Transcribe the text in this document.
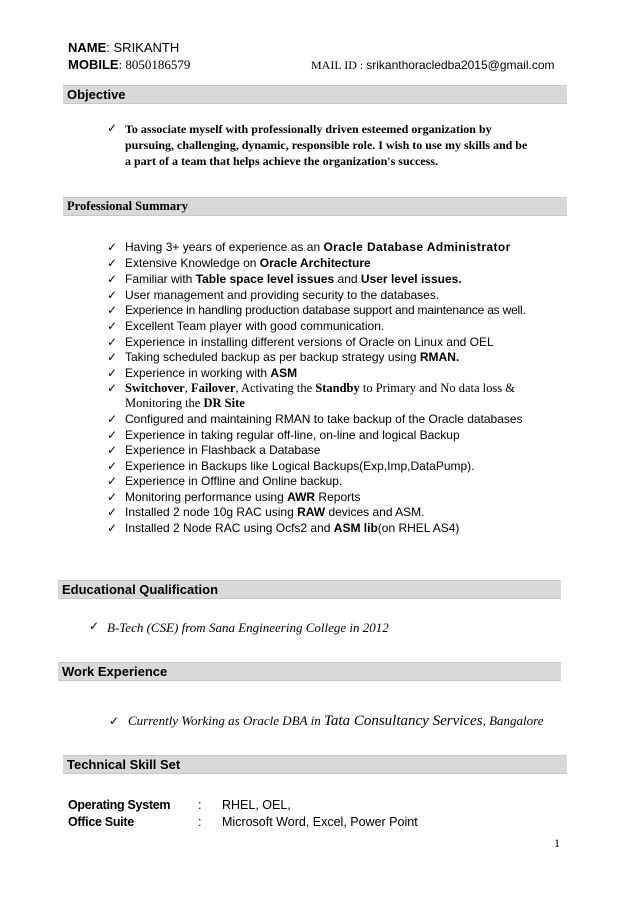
NAME: SRIKANTH
MOBILE: 8050186579	MAIL ID : srikanthoracledba2015@gmail.com
Objective
✓ To associate myself with professionally driven esteemed organization by
pursuing, challenging, dynamic, responsible role. I wish to use my skills and be
a part of a team that helps achieve the organization's success.
Professional Summary
✓ Having 3+ years of experience as an Oracle Database Administrator
✓ Extensive Knowledge on Oracle Architecture
✓ Familiar with Table space level issues and User level issues.
✓ User management and providing security to the databases.
✓ Experience in handling production database support and maintenance as well.
✓ Excellent Team player with good communication.
✓ Experience in installing different versions of Oracle on Linux and OEL
✓ Taking scheduled backup as per backup strategy using RMAN.
✓ Experience in working with ASM
✓ Switchover, Failover, Activating the Standby to Primary and No data loss &
Monitoring the DR Site
✓ Configured and maintaining RMAN to take backup of the Oracle databases
✓ Experience in taking regular off-line, on-line and logical Backup
✓ Experience in Flashback a Database
✓ Experience in Backups like Logical Backups(Exp,Imp,DataPump).
✓ Experience in Offline and Online backup.
✓ Monitoring performance using AWR Reports
✓ Installed 2 node 10g RAC using RAW devices and ASM.
✓ Installed 2 Node RAC using Ocfs2 and ASM lib(on RHEL AS4)
Educational Qualification
✓ B-Tech (CSE) from Sana Engineering College in 2012
Work Experience
✓ Currently Working as Oracle DBA in Tata Consultancy Services, Bangalore
Technical Skill Set
Operating System : RHEL, OEL,
Office Suite	: Microsoft Word, Excel, Power Point
1
